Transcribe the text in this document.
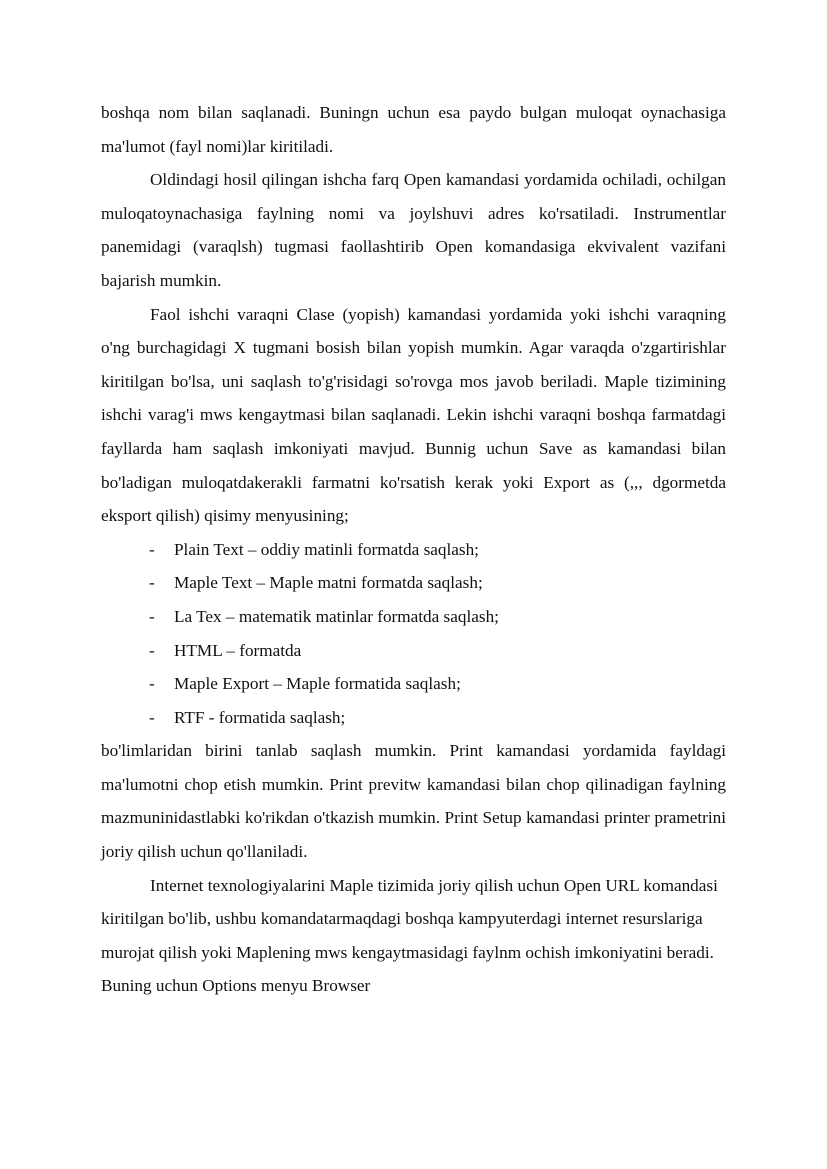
boshqa nom bilan saqlanadi. Buningn uchun esa paydo bulgan muloqat oynachasiga ma'lumot (fayl nomi)lar kiritiladi.

Oldindagi hosil qilingan ishcha farq Open kamandasi yordamida ochiladi, ochilgan muloqatoynachasiga faylning nomi va joylshuvi adres ko'rsatiladi. Instrumentlar panemidagi (varaqlsh) tugmasi faollashtirib Open komandasiga ekvivalent vazifani bajarish mumkin.

Faol ishchi varaqni Clase (yopish) kamandasi yordamida yoki ishchi varaqning o'ng burchagidagi X tugmani bosish bilan yopish mumkin. Agar varaqda o'zgartirishlar kiritilgan bo'lsa, uni saqlash to'g'risidagi so'rovga mos javob beriladi. Maple tizimining ishchi varag'i mws kengaytmasi bilan saqlanadi. Lekin ishchi varaqni boshqa farmatdagi fayllarda ham saqlash imkoniyati mavjud. Bunnig uchun Save as kamandasi bilan bo'ladigan muloqatdakerakli farmatni ko'rsatish kerak yoki Export as (,,, dgormetda eksport qilish) qisimy menyusining;

- Plain Text – oddiy matinli formatda saqlash;
- Maple Text – Maple matni formatda saqlash;
- La Tex – matematik matinlar formatda saqlash;
- HTML – formatda
- Maple Export – Maple formatida saqlash;
- RTF - formatida saqlash;

bo'limlaridan birini tanlab saqlash mumkin. Print kamandasi yordamida fayldagi ma'lumotni chop etish mumkin. Print previtw kamandasi bilan chop qilinadigan faylning mazmuninidastlabki ko'rikdan o'tkazish mumkin. Print Setup kamandasi printer prametrini joriy qilish uchun qo'llaniladi.

Internet texnologiyalarini Maple tizimida joriy qilish uchun Open URL komandasi kiritilgan bo'lib, ushbu komandatarmaqdagi boshqa kampyuterdagi internet resurslariga murojat qilish yoki Maplening mws kengaytmasidagi faylnm ochish imkoniyatini beradi. Buning uchun Options menyu Browser
